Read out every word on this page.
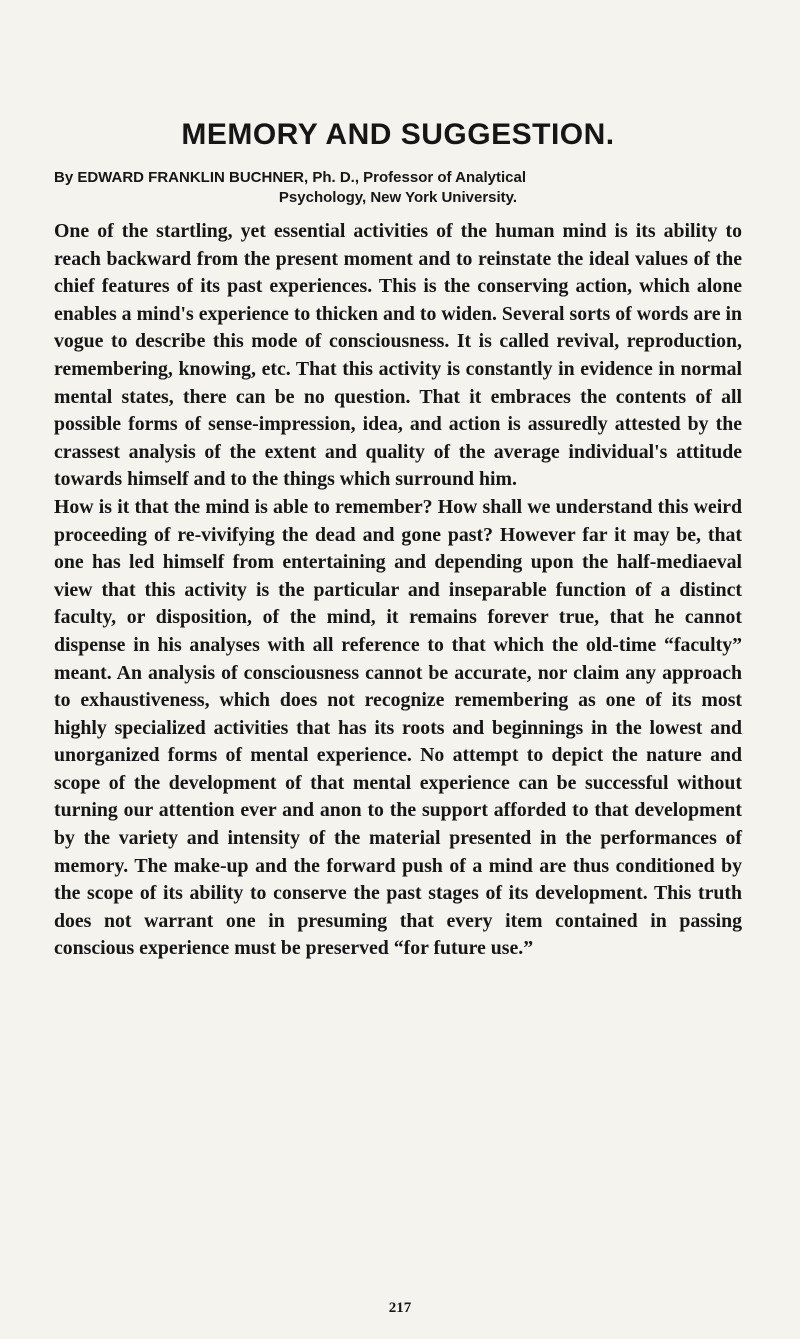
MEMORY AND SUGGESTION.
By EDWARD FRANKLIN BUCHNER, Ph. D., Professor of Analytical
Psychology, New York University.

One of the startling, yet essential activities of the human mind is its ability to reach backward from the present moment and to reinstate the ideal values of the chief features of its past experiences. This is the conserving action, which alone enables a mind's experience to thicken and to widen. Several sorts of words are in vogue to describe this mode of consciousness. It is called revival, reproduction, remembering, knowing, etc. That this activity is constantly in evidence in normal mental states, there can be no question. That it embraces the contents of all possible forms of sense-impression, idea, and action is assuredly attested by the crassest analysis of the extent and quality of the average individual's attitude towards himself and to the things which surround him.

How is it that the mind is able to remember? How shall we understand this weird proceeding of re-vivifying the dead and gone past? However far it may be, that one has led himself from entertaining and depending upon the half-mediaeval view that this activity is the particular and inseparable function of a distinct faculty, or disposition, of the mind, it remains forever true, that he cannot dispense in his analyses with all reference to that which the old-time “faculty” meant. An analysis of consciousness cannot be accurate, nor claim any approach to exhaustiveness, which does not recognize remembering as one of its most highly specialized activities that has its roots and beginnings in the lowest and unorganized forms of mental experience. No attempt to depict the nature and scope of the development of that mental experience can be successful without turning our attention ever and anon to the support afforded to that development by the variety and intensity of the material presented in the performances of memory. The make-up and the forward push of a mind are thus conditioned by the scope of its ability to conserve the past stages of its development. This truth does not warrant one in presuming that every item contained in passing conscious experience must be preserved “for future use.”

217
